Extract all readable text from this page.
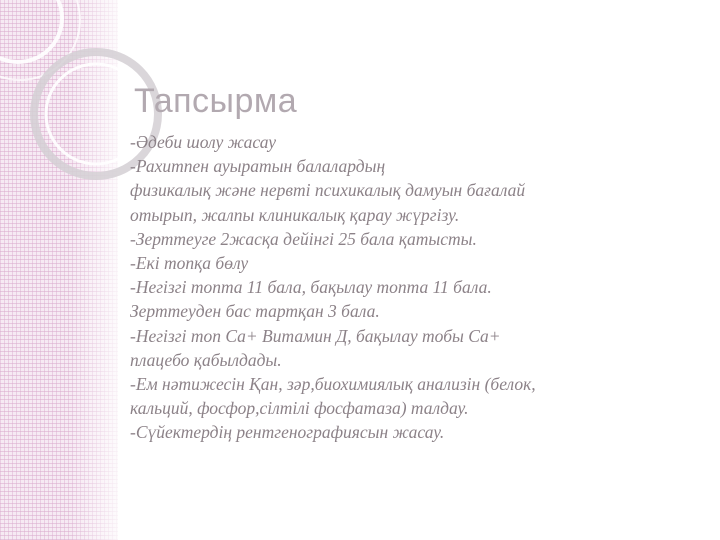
Тапсырма
-Әдеби шолу жасау
-Рахитпен ауыратын балалардың
физикалық және нервті психикалық дамуын бағалай
отырып, жалпы клиникалық қарау жүргізу.
-Зерттеуге 2жасқа дейінгі 25 бала қатысты.
-Екі топқа бөлу
-Негізгі топта 11 бала, бақылау топта 11 бала.
Зерттеуден бас тартқан 3 бала.
-Негізгі топ Са+ Витамин Д, бақылау тобы Са+
плацебо қабылдады.
-Ем нәтижесін Қан, зәр,биохимиялық анализін (белок,
кальций, фосфор,сілтілі фосфатаза) талдау.
-Сүйектердің рентгенографиясын жасау.
